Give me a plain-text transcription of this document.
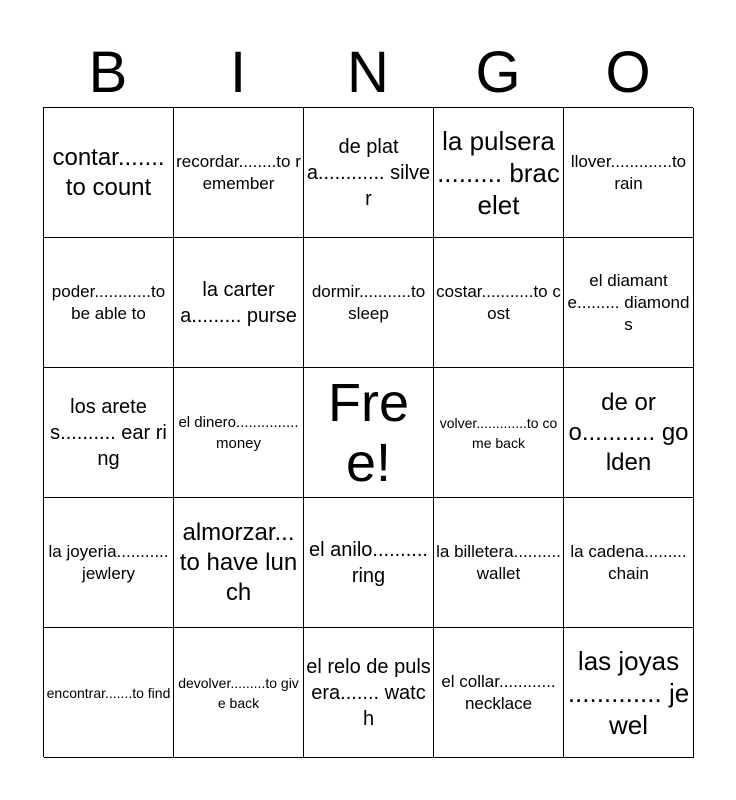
B	I	N	G	O
contar....... to count
recordar........to remember
de plata............ silver
la pulsera ......... bracelet
llover.............to rain
poder............to be able to
la cartera......... purse
dormir...........to sleep
costar...........to cost
el diamante......... diamonds
los aretes.......... ear ring
el dinero............... money
Free!
volver.............to come back
de oro........... golden
la joyeria........... jewlery
almorzar... to have lunch
el anilo.......... ring
la billetera.......... wallet
la cadena......... chain
encontrar.......to find
devolver.........to give back
el relo de pulsera....... watch
el collar............ necklace
las joyas ............. jewel
